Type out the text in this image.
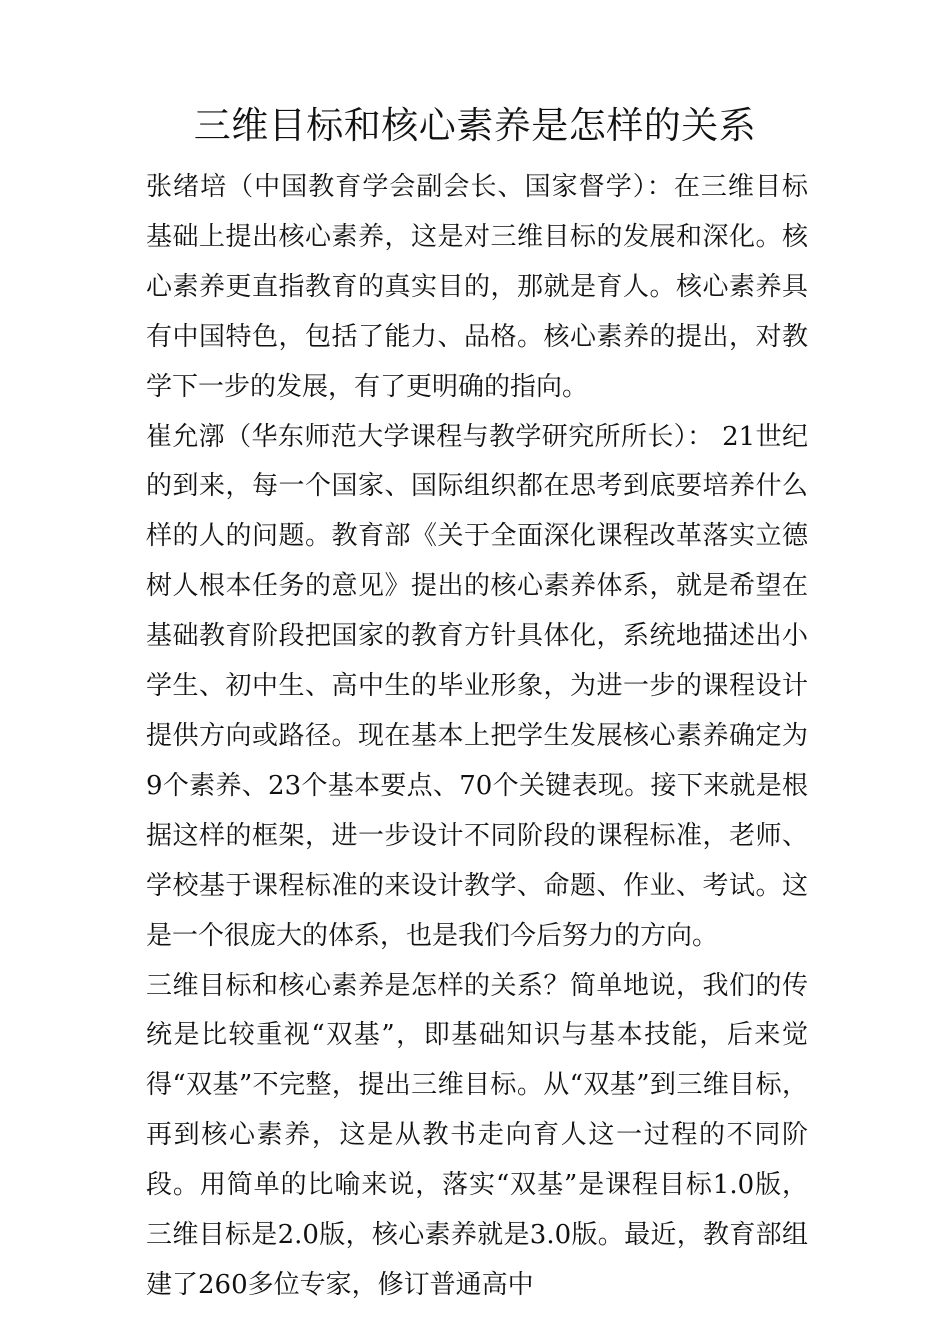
三维目标和核心素养是怎样的关系

张绪培（中国教育学会副会长、国家督学）：在三维目标基础上提出核心素养，这是对三维目标的发展和深化。核心素养更直指教育的真实目的，那就是育人。核心素养具有中国特色，包括了能力、品格。核心素养的提出，对教学下一步的发展，有了更明确的指向。

崔允漷（华东师范大学课程与教学研究所所长）： 21世纪的到来，每一个国家、国际组织都在思考到底要培养什么样的人的问题。教育部《关于全面深化课程改革落实立德树人根本任务的意见》提出的核心素养体系，就是希望在基础教育阶段把国家的教育方针具体化，系统地描述出小学生、初中生、高中生的毕业形象，为进一步的课程设计提供方向或路径。现在基本上把学生发展核心素养确定为9个素养、23个基本要点、70个关键表现。接下来就是根据这样的框架，进一步设计不同阶段的课程标准，老师、学校基于课程标准的来设计教学、命题、作业、考试。这是一个很庞大的体系，也是我们今后努力的方向。

三维目标和核心素养是怎样的关系？简单地说，我们的传统是比较重视“双基”，即基础知识与基本技能，后来觉得“双基”不完整，提出三维目标。从“双基”到三维目标，再到核心素养，这是从教书走向育人这一过程的不同阶段。用简单的比喻来说，落实“双基”是课程目标1.0版，三维目标是2.0版，核心素养就是3.0版。最近，教育部组建了260多位专家，修订普通高中
